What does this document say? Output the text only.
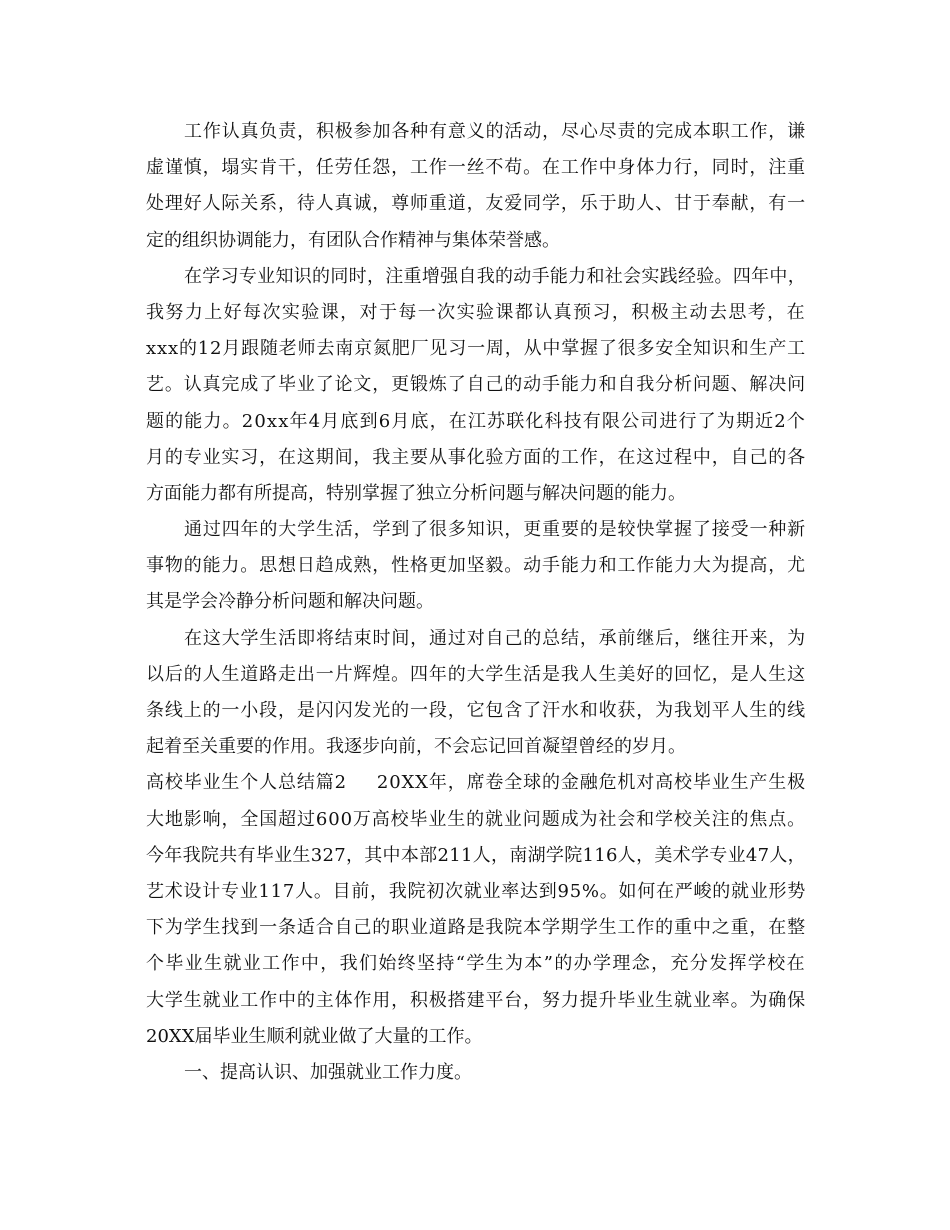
工作认真负责，积极参加各种有意义的活动，尽心尽责的完成本职工作，谦
虚谨慎，塌实肯干，任劳任怨，工作一丝不苟。在工作中身体力行，同时，注重
处理好人际关系，待人真诚，尊师重道，友爱同学，乐于助人、甘于奉献，有一
定的组织协调能力，有团队合作精神与集体荣誉感。
在学习专业知识的同时，注重增强自我的动手能力和社会实践经验。四年中，
我努力上好每次实验课，对于每一次实验课都认真预习，积极主动去思考，在
xxx的12月跟随老师去南京氮肥厂见习一周，从中掌握了很多安全知识和生产工
艺。认真完成了毕业了论文，更锻炼了自己的动手能力和自我分析问题、解决问
题的能力。20xx年4月底到6月底，在江苏联化科技有限公司进行了为期近2个
月的专业实习，在这期间，我主要从事化验方面的工作，在这过程中，自己的各
方面能力都有所提高，特别掌握了独立分析问题与解决问题的能力。
通过四年的大学生活，学到了很多知识，更重要的是较快掌握了接受一种新
事物的能力。思想日趋成熟，性格更加坚毅。动手能力和工作能力大为提高，尤
其是学会冷静分析问题和解决问题。
在这大学生活即将结束时间，通过对自己的总结，承前继后，继往开来，为
以后的人生道路走出一片辉煌。四年的大学生活是我人生美好的回忆，是人生这
条线上的一小段，是闪闪发光的一段，它包含了汗水和收获，为我划平人生的线
起着至关重要的作用。我逐步向前，不会忘记回首凝望曾经的岁月。
高校毕业生个人总结篇2 20XX年，席卷全球的金融危机对高校毕业生产生极
大地影响，全国超过600万高校毕业生的就业问题成为社会和学校关注的焦点。
今年我院共有毕业生327，其中本部211人，南湖学院116人，美术学专业47人，
艺术设计专业117人。目前，我院初次就业率达到95%。如何在严峻的就业形势
下为学生找到一条适合自己的职业道路是我院本学期学生工作的重中之重，在整
个毕业生就业工作中，我们始终坚持“学生为本”的办学理念，充分发挥学校在
大学生就业工作中的主体作用，积极搭建平台，努力提升毕业生就业率。为确保
20XX届毕业生顺利就业做了大量的工作。
一、提高认识、加强就业工作力度。
